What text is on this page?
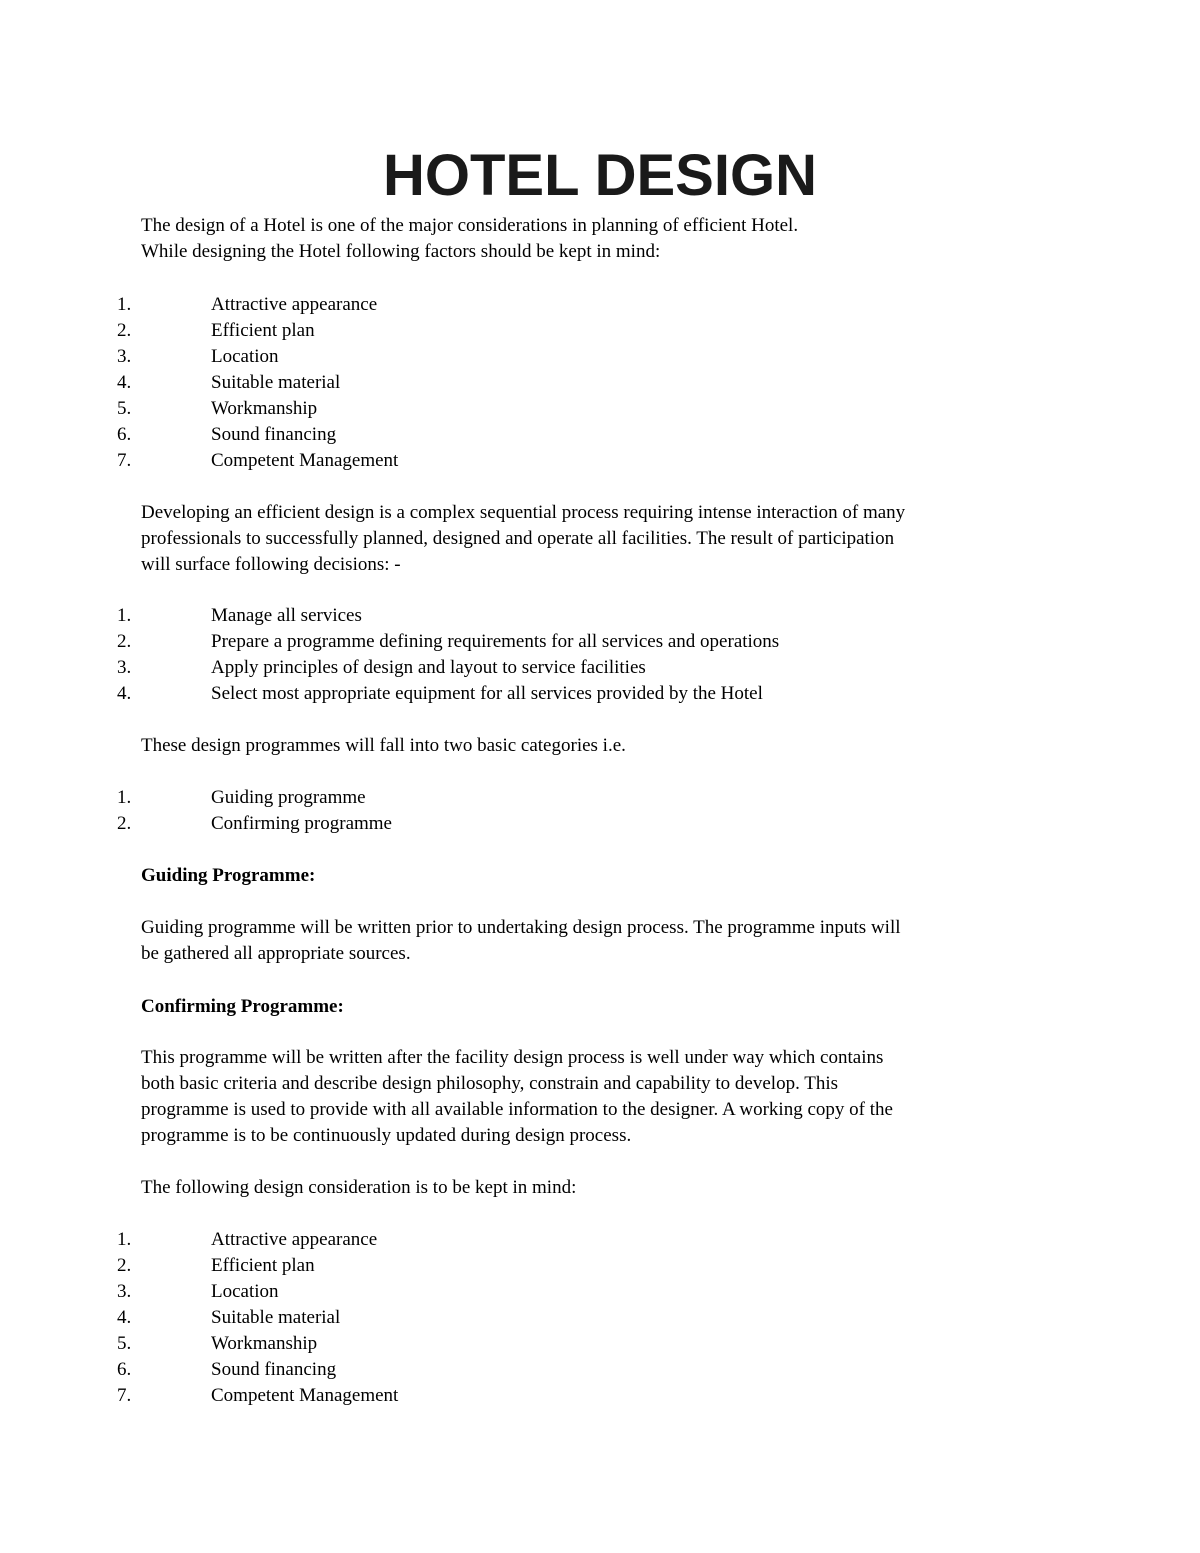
HOTEL DESIGN
The design of a Hotel is one of the major considerations in planning of efficient Hotel.
While designing the Hotel following factors should be kept in mind:
1.	Attractive appearance
2.	Efficient plan
3.	Location
4.	Suitable material
5.	Workmanship
6.	Sound financing
7.	Competent Management
Developing an efficient design is a complex sequential process requiring intense interaction of many
professionals to successfully planned, designed and operate all facilities. The result of participation
will surface following decisions: -
1.	Manage all services
2.	Prepare a programme defining requirements for all services and operations
3.	Apply principles of design and layout to service facilities
4.	Select most appropriate equipment for all services provided by the Hotel
These design programmes will fall into two basic categories i.e.
1.	Guiding programme
2.	Confirming programme
Guiding Programme:
Guiding programme will be written prior to undertaking design process. The programme inputs will
be gathered all appropriate sources.
Confirming Programme:
This programme will be written after the facility design process is well under way which contains
both basic criteria and describe design philosophy, constrain and capability to develop. This
programme is used to provide with all available information to the designer. A working copy of the
programme is to be continuously updated during design process.
The following design consideration is to be kept in mind:
1.	Attractive appearance
2.	Efficient plan
3.	Location
4.	Suitable material
5.	Workmanship
6.	Sound financing
7.	Competent Management
